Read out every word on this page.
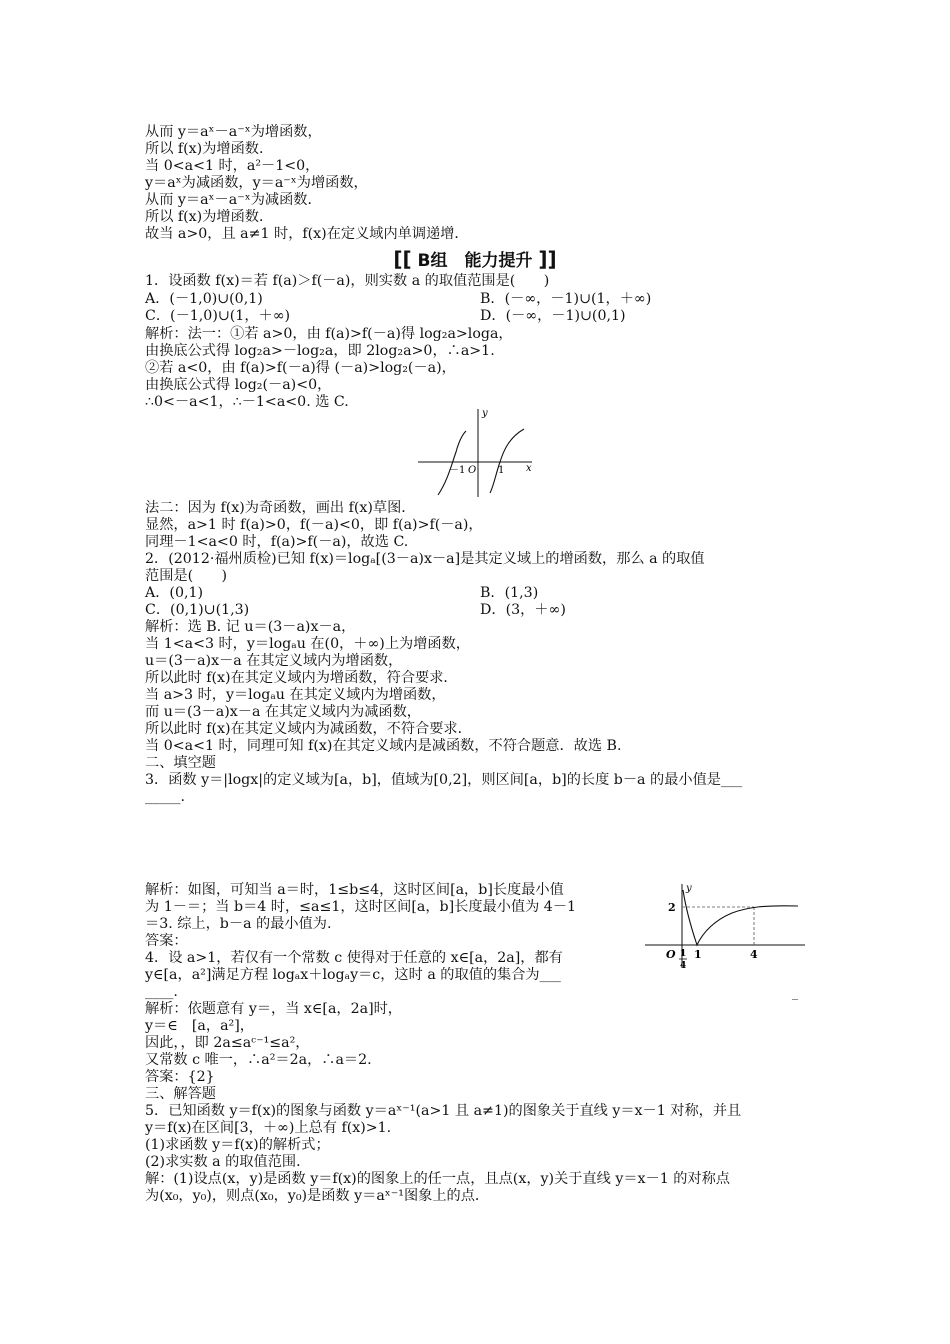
从而 y＝aˣ－a⁻ˣ为增函数，
所以 f(x)为增函数．
当 0<a<1 时，a²－1<0，
y＝aˣ为减函数，y＝a⁻ˣ为增函数，
从而 y＝aˣ－a⁻ˣ为减函数．
所以 f(x)为增函数．
故当 a>0，且 a≠1 时，f(x)在定义域内单调递增．
[[ B组　能力提升 ]]
1．设函数 f(x)＝若 f(a)＞f(－a)，则实数 a 的取值范围是(　　)
A．(－1,0)∪(0,1)	B．(－∞，－1)∪(1，＋∞)
C．(－1,0)∪(1，＋∞)	D．(－∞，－1)∪(0,1)
解析：法一：①若 a>0，由 f(a)>f(－a)得 log₂a>loga，
由换底公式得 log₂a>－log₂a，即 2log₂a>0，∴a>1.
②若 a<0，由 f(a)>f(－a)得 (－a)>log₂(－a)，
由换底公式得 log₂(－a)<0，
∴0<－a<1，∴－1<a<0. 选 C.
y
x
O
－1	1
法二：因为 f(x)为奇函数，画出 f(x)草图．
显然，a>1 时 f(a)>0，f(－a)<0，即 f(a)>f(－a)，
同理－1<a<0 时，f(a)>f(－a)，故选 C.
2．(2012·福州质检)已知 f(x)＝logₐ[(3－a)x－a]是其定义域上的增函数，那么 a 的取值
范围是(　　)
A．(0,1)	B．(1,3)
C．(0,1)∪(1,3)	D．(3，＋∞)
解析：选 B. 记 u＝(3－a)x－a，
当 1<a<3 时，y＝logₐu 在(0，＋∞)上为增函数，
u＝(3－a)x－a 在其定义域内为增函数，
所以此时 f(x)在其定义域内为增函数，符合要求．
当 a>3 时，y＝logₐu 在其定义域内为增函数，
而 u＝(3－a)x－a 在其定义域内为减函数，
所以此时 f(x)在其定义域内为减函数，不符合要求．
当 0<a<1 时，同理可知 f(x)在其定义域内是减函数，不符合题意．故选 B.
二、填空题
3．函数 y＝|logx|的定义域为[a，b]，值域为[0,2]，则区间[a，b]的长度 b－a 的最小值是___
_____.
解析：如图，可知当 a＝时，1≤b≤4，这时区间[a，b]长度最小值
为 1－＝；当 b＝4 时，≤a≤1，这时区间[a，b]长度最小值为 4－1
＝3. 综上，b－a 的最小值为.
答案：
y
2
O 1
4
1	4
4．设 a>1，若仅有一个常数 c 使得对于任意的 x∈[a，2a]，都有
y∈[a，a²]满足方程 logₐx＋logₐy＝c，这时 a 的取值的集合为___
____.	_
解析：依题意有 y＝，当 x∈[a，2a]时，
y＝∈　[a，a²]，
因此，，即 2a≤aᶜ⁻¹≤a²，
又常数 c 唯一，∴a²＝2a，∴a＝2.
答案：{2}
三、解答题
5．已知函数 y＝f(x)的图象与函数 y＝aˣ⁻¹(a>1 且 a≠1)的图象关于直线 y＝x－1 对称，并且
y＝f(x)在区间[3，＋∞)上总有 f(x)>1.
(1)求函数 y＝f(x)的解析式；
(2)求实数 a 的取值范围．
解：(1)设点(x，y)是函数 y＝f(x)的图象上的任一点，且点(x，y)关于直线 y＝x－1 的对称点
为(x₀，y₀)，则点(x₀，y₀)是函数 y＝aˣ⁻¹图象上的点．
